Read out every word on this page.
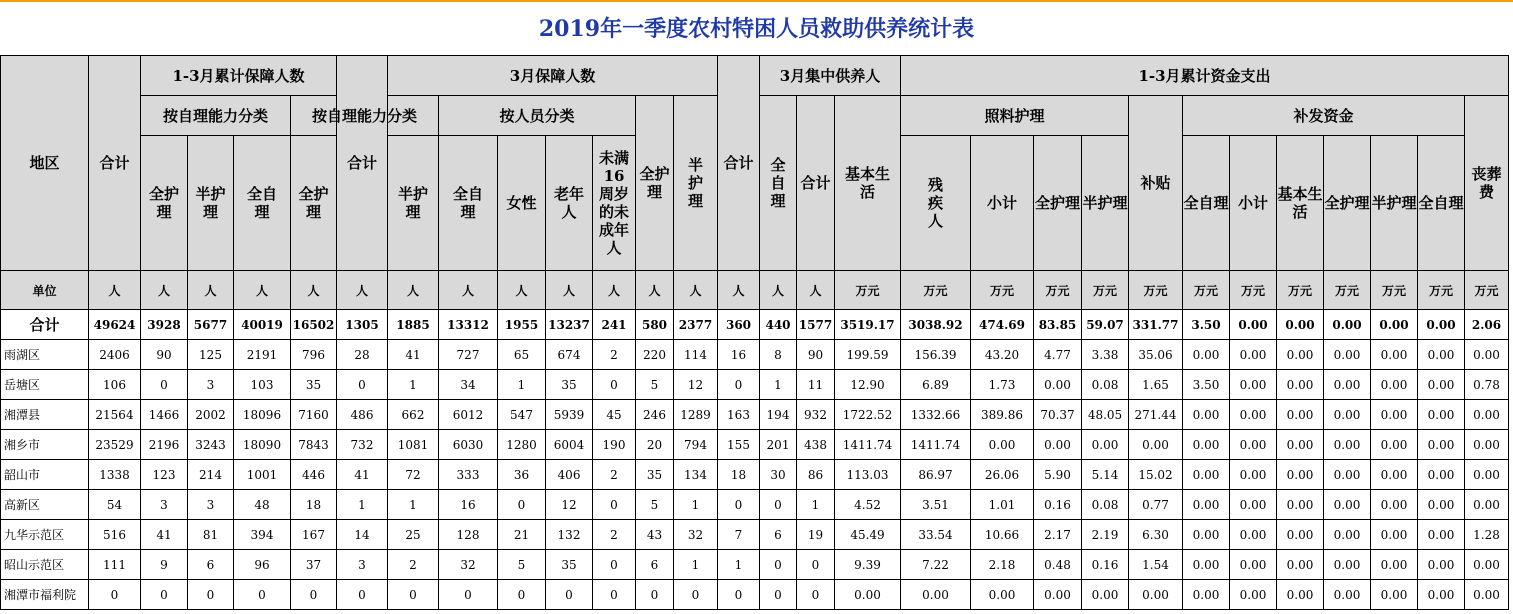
2019年一季度农村特困人员救助供养统计表
地区	合计	1-3月累计保障人数				合计	3月保障人数							合计	3月集中供养人			1-3月累计资金支出											
		按自理能力分类			按自理能力分类			按人员分类				全护理	半护理		全自理	合计	基本生活	照料护理				补贴	补发资金						丧葬费
		全护理	半护理	全自理	全护理		半护理	全自理	女性	老年人	未满16周岁的未成年人							残疾人	小计	全护理	半护理		全自理	小计	基本生活	全护理	半护理	全自理	
单位	人	人	人	人	人	人	人	人	人	人	人	人	人	人	人	人	万元	万元	万元	万元	万元	万元	万元	万元	万元	万元	万元	万元	万元
合计	49624	3928	5677	40019	16502	1305	1885	13312	1955	13237	241	580	2377	360	440	1577	3519.17	3038.92	474.69	83.85	59.07	331.77	3.50	0.00	0.00	0.00	0.00	0.00	2.06
雨湖区	2406	90	125	2191	796	28	41	727	65	674	2	220	114	16	8	90	199.59	156.39	43.20	4.77	3.38	35.06	0.00	0.00	0.00	0.00	0.00	0.00	0.00
岳塘区	106	0	3	103	35	0	1	34	1	35	0	5	12	0	1	11	12.90	6.89	1.73	0.00	0.08	1.65	3.50	0.00	0.00	0.00	0.00	0.00	0.78
湘潭县	21564	1466	2002	18096	7160	486	662	6012	547	5939	45	246	1289	163	194	932	1722.52	1332.66	389.86	70.37	48.05	271.44	0.00	0.00	0.00	0.00	0.00	0.00	0.00
湘乡市	23529	2196	3243	18090	7843	732	1081	6030	1280	6004	190	20	794	155	201	438	1411.74	1411.74	0.00	0.00	0.00	0.00	0.00	0.00	0.00	0.00	0.00	0.00	0.00
韶山市	1338	123	214	1001	446	41	72	333	36	406	2	35	134	18	30	86	113.03	86.97	26.06	5.90	5.14	15.02	0.00	0.00	0.00	0.00	0.00	0.00	0.00
高新区	54	3	3	48	18	1	1	16	0	12	0	5	1	0	0	1	4.52	3.51	1.01	0.16	0.08	0.77	0.00	0.00	0.00	0.00	0.00	0.00	0.00
九华示范区	516	41	81	394	167	14	25	128	21	132	2	43	32	7	6	19	45.49	33.54	10.66	2.17	2.19	6.30	0.00	0.00	0.00	0.00	0.00	0.00	1.28
昭山示范区	111	9	6	96	37	3	2	32	5	35	0	6	1	1	0	0	9.39	7.22	2.18	0.48	0.16	1.54	0.00	0.00	0.00	0.00	0.00	0.00	0.00
湘潭市福利院	0	0	0	0	0	0	0	0	0	0	0	0	0	0	0	0	0.00	0.00	0.00	0.00	0.00	0.00	0.00	0.00	0.00	0.00	0.00	0.00	0.00
